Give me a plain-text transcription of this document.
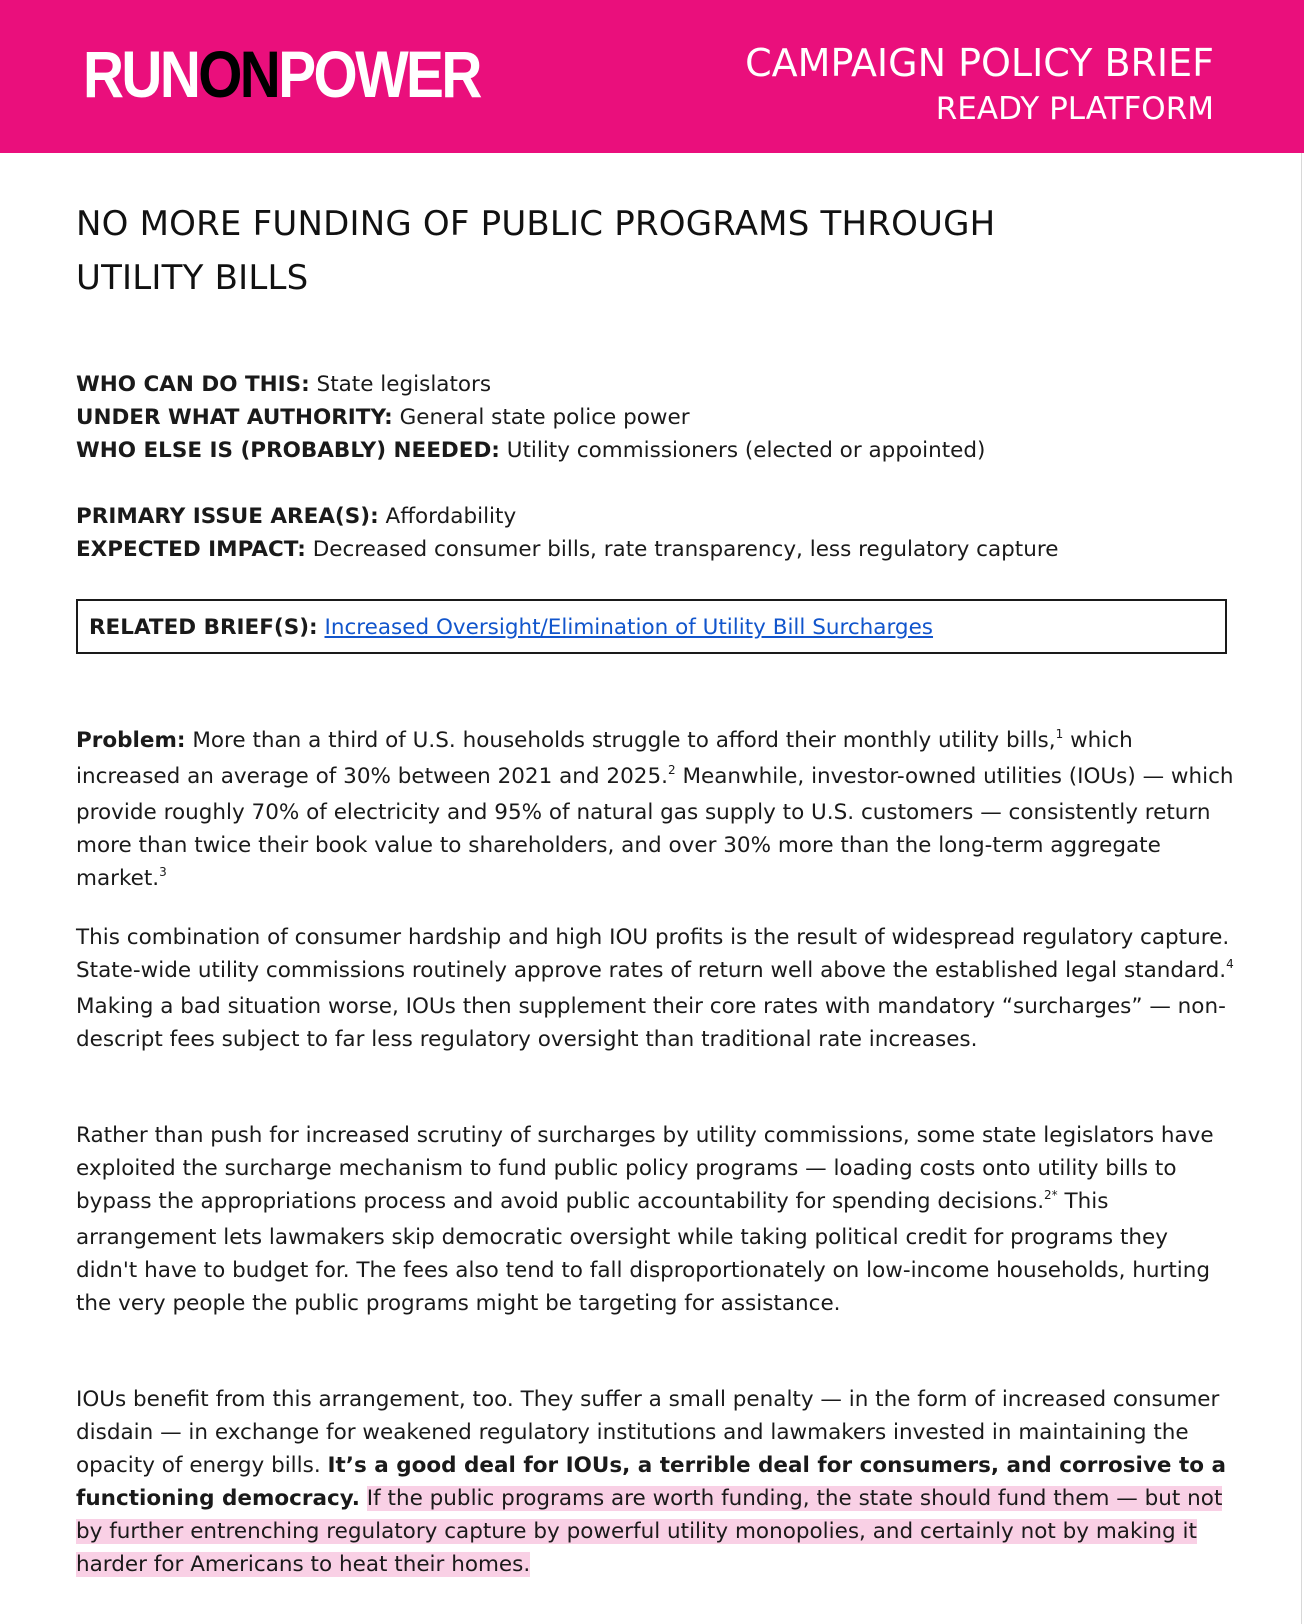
RUNONPOWER	CAMPAIGN POLICY BRIEF
READY PLATFORM
NO MORE FUNDING OF PUBLIC PROGRAMS THROUGH
UTILITY BILLS
WHO CAN DO THIS: State legislators
UNDER WHAT AUTHORITY: General state police power
WHO ELSE IS (PROBABLY) NEEDED: Utility commissioners (elected or appointed)
PRIMARY ISSUE AREA(S): Affordability
EXPECTED IMPACT: Decreased consumer bills, rate transparency, less regulatory capture
RELATED BRIEF(S): Increased Oversight/Elimination of Utility Bill Surcharges

Problem: More than a third of U.S. households struggle to afford their monthly utility bills,$^1$ which increased an average of 30% between 2021 and 2025.$^2$ Meanwhile, investor-owned utilities (IOUs) — which provide roughly 70% of electricity and 95% of natural gas supply to U.S. customers — consistently return more than twice their book value to shareholders, and over 30% more than the long-term aggregate market.$^3$

This combination of consumer hardship and high IOU profits is the result of widespread regulatory capture. State-wide utility commissions routinely approve rates of return well above the established legal standard.$^4$ Making a bad situation worse, IOUs then supplement their core rates with mandatory “surcharges” — non-descript fees subject to far less regulatory oversight than traditional rate increases.

Rather than push for increased scrutiny of surcharges by utility commissions, some state legislators have exploited the surcharge mechanism to fund public policy programs — loading costs onto utility bills to bypass the appropriations process and avoid public accountability for spending decisions.$^{2*}$ This arrangement lets lawmakers skip democratic oversight while taking political credit for programs they didn't have to budget for. The fees also tend to fall disproportionately on low-income households, hurting the very people the public programs might be targeting for assistance.

IOUs benefit from this arrangement, too. They suffer a small penalty — in the form of increased consumer disdain — in exchange for weakened regulatory institutions and lawmakers invested in maintaining the opacity of energy bills. It’s a good deal for IOUs, a terrible deal for consumers, and corrosive to a functioning democracy. If the public programs are worth funding, the state should fund them — but not by further entrenching regulatory capture by powerful utility monopolies, and certainly not by making it harder for Americans to heat their homes.
